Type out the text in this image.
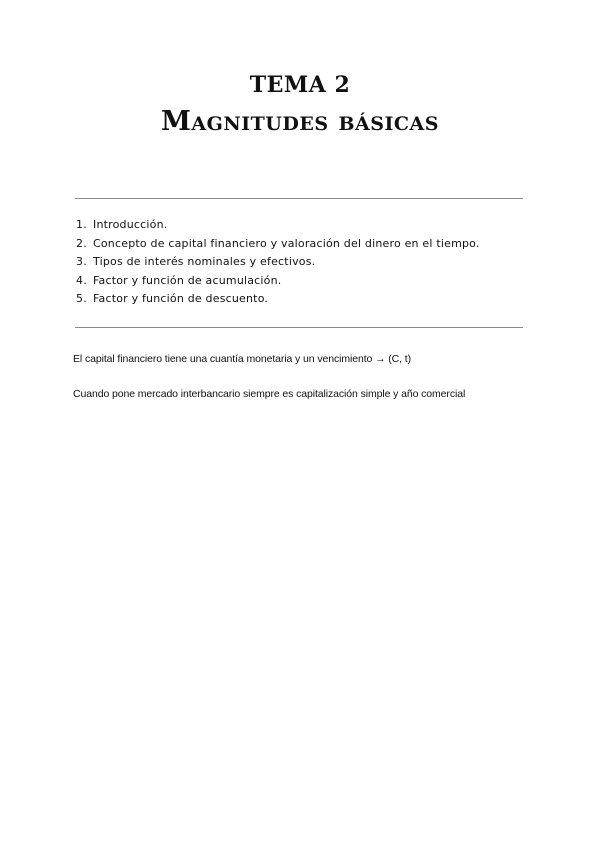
TEMA 2
Magnitudes básicas
1. Introducción.
2. Concepto de capital financiero y valoración del dinero en el tiempo.
3. Tipos de interés nominales y efectivos.
4. Factor y función de acumulación.
5. Factor y función de descuento.
El capital financiero tiene una cuantía monetaria y un vencimiento → (C, t)
Cuando pone mercado interbancario siempre es capitalización simple y año comercial
